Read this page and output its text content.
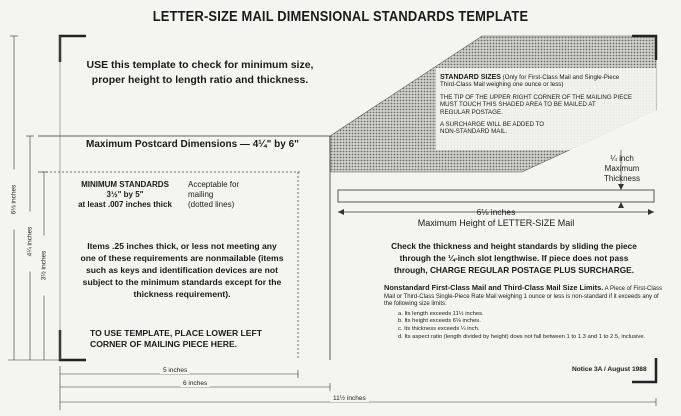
LETTER-SIZE MAIL DIMENSIONAL STANDARDS TEMPLATE
USE this template to check for minimum size,
proper height to length ratio and thickness.	STANDARD SIZES (Only for First-Class Mail and Single-Piece
Third-Class Mail weighing one ounce or less)
THE TIP OF THE UPPER RIGHT CORNER OF THE MAILING PIECE
MUST TOUCH THIS SHADED AREA TO BE MAILED AT
REGULAR POSTAGE.
A SURCHARGE WILL BE ADDED TO
NON-STANDARD MAIL.
Maximum Postcard Dimensions — 4¼" by 6"
MINIMUM STANDARDS
3½" by 5"
at least .007 inches thick
Acceptable for
mailing
(dotted lines)
¼ inch
Maximum
Thickness
6⅛ inches
Maximum Height of LETTER-SIZE Mail
Items .25 inches thick, or less not meeting any
one of these requirements are nonmailable (items
such as keys and identification devices are not
subject to the minimum standards except for the
thickness requirement).
Check the thickness and height standards by sliding the piece
through the ¼-inch slot lengthwise. If piece does not pass
through, CHARGE REGULAR POSTAGE PLUS SURCHARGE.
Nonstandard First-Class Mail and Third-Class Mail Size Limits. A Piece of First-Class Mail or Third-Class Single-Piece Rate Mail weighing 1 ounce or less is non-standard if it exceeds any of the following size limits:
a. Its length exceeds 11½ inches.
b. Its height exceeds 6⅛ inches.
c. Its thickness exceeds ¼ inch.
d. Its aspect ratio (length divided by height) does not fall between 1 to 1.3 and 1 to 2.5, inclusive.
TO USE TEMPLATE, PLACE LOWER LEFT
CORNER OF MAILING PIECE HERE.
5 inches
6 inches
11½ inches
6⅛ inches
4¼ inches
3½ inches
Notice 3A / August 1988
